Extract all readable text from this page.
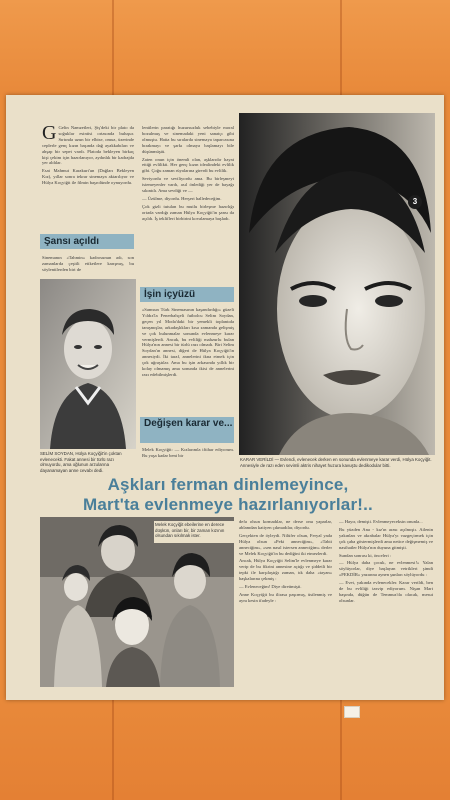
G Gelin Namzetleri, Şiş'deki bir plato da soğuklar esintisi ortasında buluşur. Sırtında uzun bir elbise, omuz, üzerinde ceplerle genç kızın başında dağ ayakkabıları ve ahşap bir sepet vardı. Platoda bekleyen birkaç kişi çekim için hazırlanıyor, aydınlık bir kadrajda yer aldılar.

Esat Mahmut Karakurt'un (Dağları Bekleyen Kız), yıllar sonra tekrar sinemaya aktarılıyor ve Hülya Koçyiğit ile filmin başrolünde oynuyordu.

Şansı açıldı

Sinemanın «Tahmin» kadrosunun adı, son zamanlarda çeşitli etiketlere karışmış, bu söylentilerden biri de

SELİM SOYDAN, Hülya Koçyiğit'in çoktan evlenecekti. Fakat annesi bir türlü razı olmuyordu, ama oğlunun arzularına dayanamayan anne cevabı dedi.

lentilerin paratığı huzursuzluk sebebiyle moral bozulmuş ve sinemadaki yeni sanatçı gibi olmuştu. Hatta bu sıralarda sinemaya taparcasına bırakmayı ve şarkı olmaya başlamayı bile düşünmüştü.

Zaten onun için önemli olan, aşklarıdır hayat ettiği evlilikti. Her genç kızın idealindeki evlilik gibi. Çoğu zaman rüyalarına girerdi bu evlilik.

Seviyordu ve seviliyordu ama. Bu birleşmeyi istemeyenler vardı, asıl önlediği yer de bayağı sıkıntılı. Ama sevdiği ve —

— Üzülme, diyordu. Herşeri halledeceğim.

Çok gizli tutulan bu mutlu birleşme hazırlığı ortada vardığı zaman Hülya Koçyiğit'in şansı da açıldı. İş teklifleri birbirini kovalamaya başladı.

İşin içyüzü

«Samsun Türk Sinemasının kaşandırdığı» güzeli Yıldız'la Fenerbahçeli futbolcu Selim Soydan, geçen yıl Moda'daki bir yemekli toplantıda tanışmışlar, arkadaşlıkları kısa zamanda gelişmiş ve çok bulunmalar sonunda evlenmeye karar vermişlerdi. Ancak, bu evliliği mahzurlu bulan Hülya'nın annesi bir türlü razı olmadı. Biri Selim Soydan'ın annesi, diğeri de Hülya Koçyiğit'in annesiydi. İki taraf, annelerini ikna etmek için çok uğraştılar. Ama bu işin arkasında yıllık bir kolay olmamış ama sonunda ikisi de annelerini razı edebilmişlerdi.

Değişen karar ve...

Melek Koçyiğit: — Kızlarımla iftihar ediyorum. Bu yaşa kadar beni bir

3
KARAR VERİLDİ — Evlendi, evlenecek derken en sonunda evlenmeye karar verdi, Hülya Koçyiğit. Annesiyle de razı eden sevimli aktris nihayet huzura kavuştu dedikodular bitti.
Aşkları ferman dinlemeyince,
Mart'ta evlenmeye hazırlanıyorlar!..
Melek Koçyiğit ebeilerine en derece düşkün, onları bir, bir zaman kızının olsundan sıkılmak ister.

defa olsun kırmadılar, ne derse onu yaparlar, ablamdan katiyen çıkmadılar, diyordu.

Gerçekten de öyleydi. Nilüfer olsun, Feryal yada Hülya olsun «Peki anneciğim», «Tabii anneciğim», «sen nasıl istersen anneciğim» derler ve Melek Koçyiğit'in bu dediğini iki etmezlerdi.

Ancak, Hülya Koçyiğit Selim'le evlenmeye karar verip de bu fikrini annesine açtığı ve şiddetli bir tepki ile karşılaştığı zaman, tık daha «tayan» başkalarına çekmiş :

— Evleneceğim! Diye direttmişti.

Anne Koçyiğit bu ilirasa paşırmış, üstlenmiş ve aynı kesin ifadeyle :

— Hayır, demişti. Evlenmeyeceksin onunla...

Bu yüzden Ana - kız'ın arası açılmıştı. Ailenin yakınları ve akrabalar Hülya'yı vazgeçirmek için çok çaba göstermişlerdi ama netice değişmemiş ve nasihatler Hülya'nın duyuna gitmişti.

Sundan sonrası ki, önceleri :

— Hülya daha çocuk, ne evlenmesi!» Yalan söylüyorlar, diye başlayan vetrikleri şimdi «PEKDİR» yazarına aynen şunları söylüyordu :

— Evet, yakında evlenecekler. Karar verildi, ben de bu evliliği tasvip ediyorum. Nişan Mart başında, düğün de Temmuz'da olacak, mesut olsunlar.
